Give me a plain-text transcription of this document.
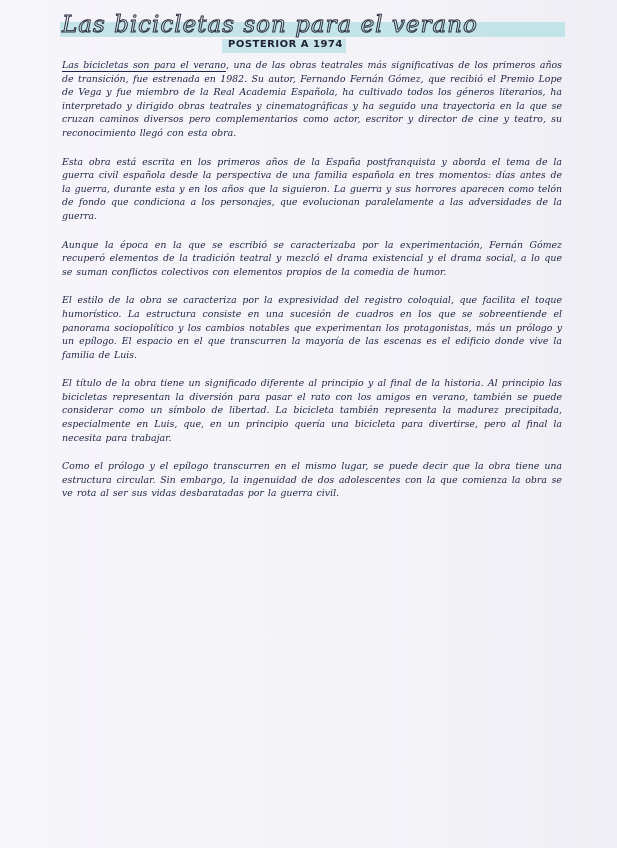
Las bicicletas son para el verano
POSTERIOR A 1974

Las bicicletas son para el verano, una de las obras teatrales más significativas de los primeros años de transición, fue estrenada en 1982. Su autor, Fernando Fernán Gómez, que recibió el Premio Lope de Vega y fue miembro de la Real Academia Española, ha cultivado todos los géneros literarios, ha interpretado y dirigido obras teatrales y cinematográficas y ha seguido una trayectoria en la que se cruzan caminos diversos pero complementarios como actor, escritor y director de cine y teatro, su reconocimiento llegó con esta obra.

Esta obra está escrita en los primeros años de la España postfranquista y aborda el tema de la guerra civil española desde la perspectiva de una familia española en tres momentos: días antes de la guerra, durante esta y en los años que la siguieron. La guerra y sus horrores aparecen como telón de fondo que condiciona a los personajes, que evolucionan paralelamente a las adversidades de la guerra.

Aunque la época en la que se escribió se caracterizaba por la experimentación, Fernán Gómez recuperó elementos de la tradición teatral y mezcló el drama existencial y el drama social, a lo que se suman conflictos colectivos con elementos propios de la comedia de humor.

El estilo de la obra se caracteriza por la expresividad del registro coloquial, que facilita el toque humorístico. La estructura consiste en una sucesión de cuadros en los que se sobreentiende el panorama sociopolítico y los cambios notables que experimentan los protagonistas, más un prólogo y un epílogo. El espacio en el que transcurren la mayoría de las escenas es el edificio donde vive la familia de Luis.

El título de la obra tiene un significado diferente al principio y al final de la historia. Al principio las bicicletas representan la diversión para pasar el rato con los amigos en verano, también se puede considerar como un símbolo de libertad. La bicicleta también representa la madurez precipitada, especialmente en Luis, que, en un principio quería una bicicleta para divertirse, pero al final la necesita para trabajar.

Como el prólogo y el epílogo transcurren en el mismo lugar, se puede decir que la obra tiene una estructura circular. Sin embargo, la ingenuidad de dos adolescentes con la que comienza la obra se ve rota al ser sus vidas desbaratadas por la guerra civil.
